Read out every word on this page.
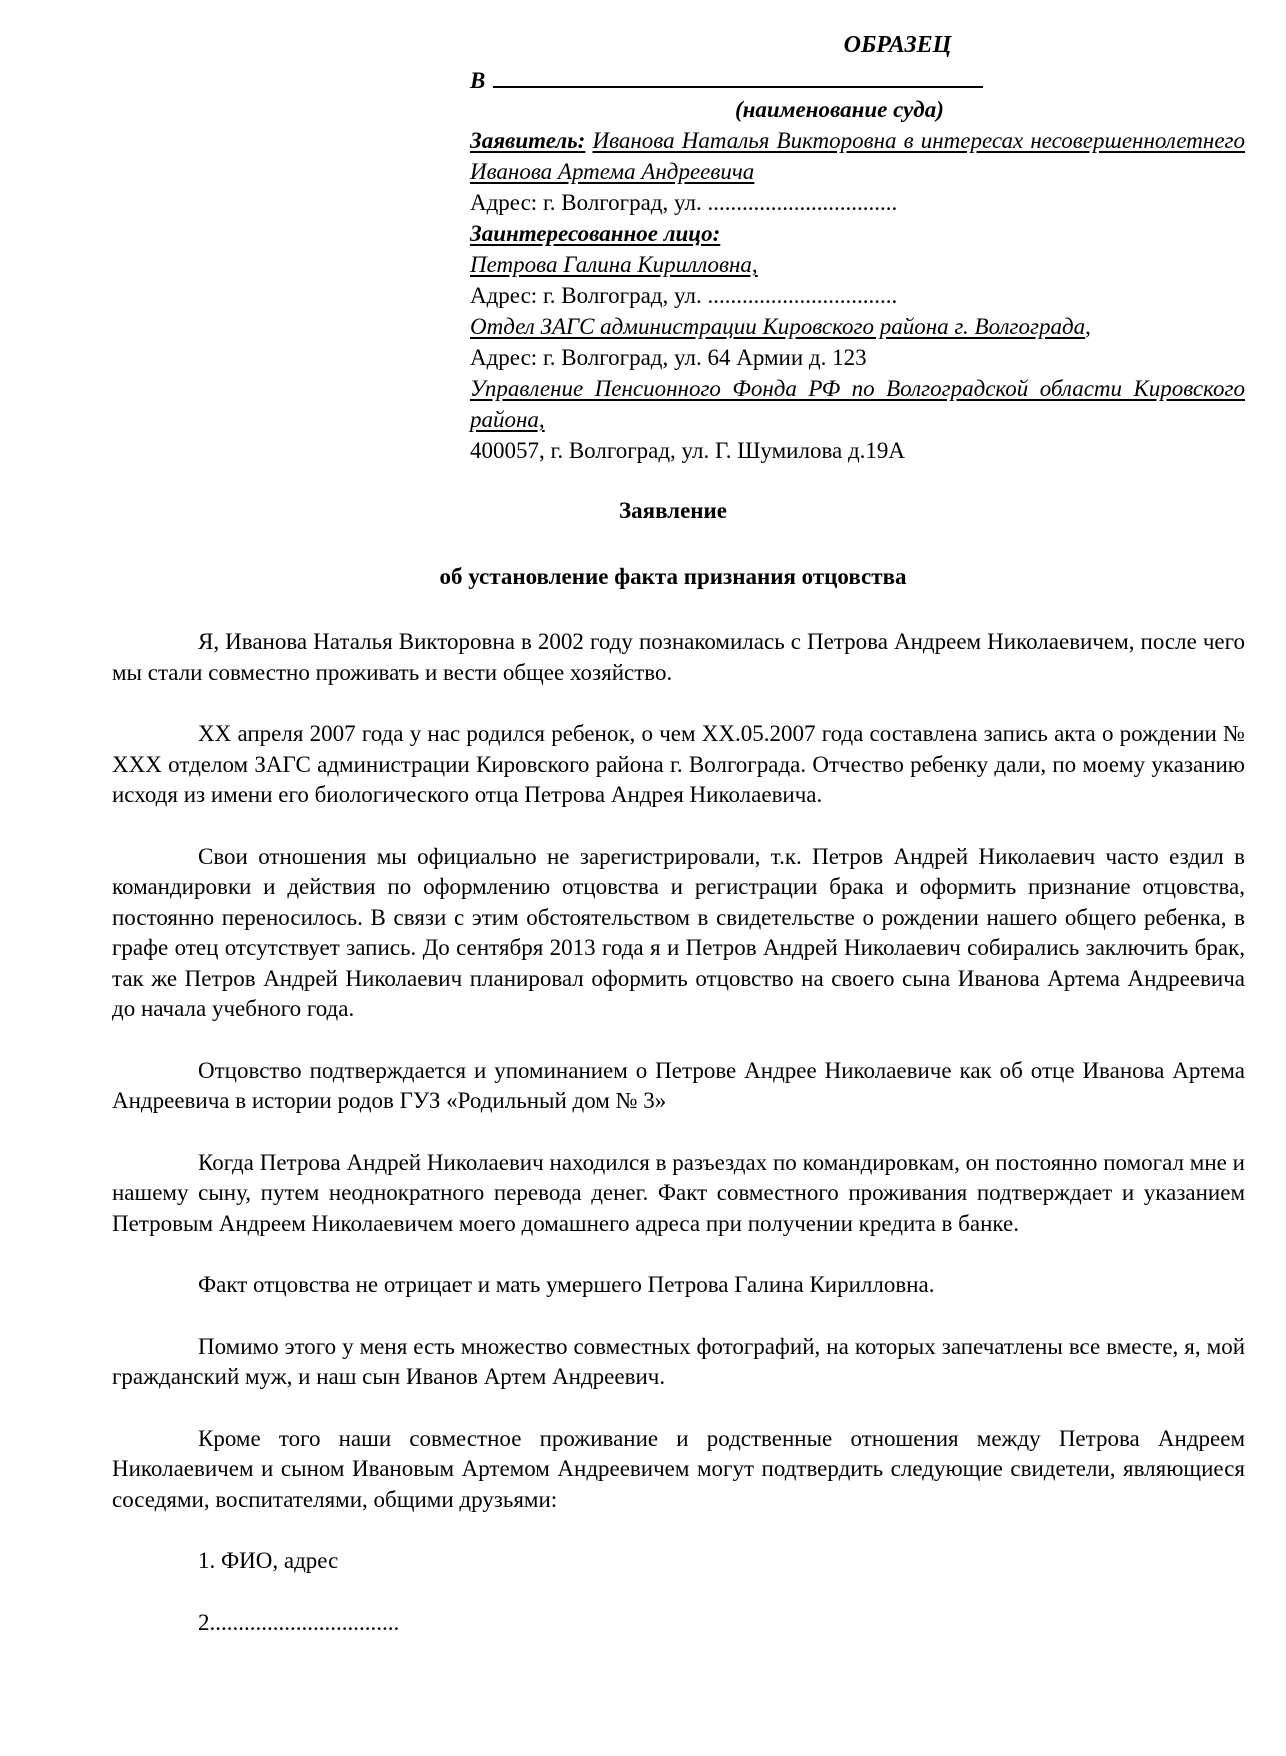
ОБРАЗЕЦ
В
(наименование суда)
Заявитель: Иванова Наталья Викторовна в интересах несовершеннолетнего Иванова Артема Андреевича
Адрес: г. Волгоград, ул. .................................
Заинтересованное лицо:
Петрова Галина Кирилловна,
Адрес: г. Волгоград, ул. .................................
Отдел ЗАГС администрации Кировского района г. Волгограда,
Адрес: г. Волгоград, ул. 64 Армии д. 123
Управление Пенсионного Фонда РФ по Волгоградской области Кировского района,
400057, г. Волгоград, ул. Г. Шумилова д.19А
Заявление
об установление факта признания отцовства

Я, Иванова Наталья Викторовна в 2002 году познакомилась с Петрова Андреем Николаевичем, после чего мы стали совместно проживать и вести общее хозяйство.

XX апреля 2007 года у нас родился ребенок, о чем XX.05.2007 года составлена запись акта о рождении № XXX отделом ЗАГС администрации Кировского района г. Волгограда. Отчество ребенку дали, по моему указанию исходя из имени его биологического отца Петрова Андрея Николаевича.

Свои отношения мы официально не зарегистрировали, т.к. Петров Андрей Николаевич часто ездил в командировки и действия по оформлению отцовства и регистрации брака и оформить признание отцовства, постоянно переносилось. В связи с этим обстоятельством в свидетельстве о рождении нашего общего ребенка, в графе отец отсутствует запись. До сентября 2013 года я и Петров Андрей Николаевич собирались заключить брак, так же Петров Андрей Николаевич планировал оформить отцовство на своего сына Иванова Артема Андреевича до начала учебного года.

Отцовство подтверждается и упоминанием о Петрове Андрее Николаевиче как об отце Иванова Артема Андреевича в истории родов ГУЗ «Родильный дом № 3»

Когда Петрова Андрей Николаевич находился в разъездах по командировкам, он постоянно помогал мне и нашему сыну, путем неоднократного перевода денег. Факт совместного проживания подтверждает и указанием Петровым Андреем Николаевичем моего домашнего адреса при получении кредита в банке.

Факт отцовства не отрицает и мать умершего Петрова Галина Кирилловна.

Помимо этого у меня есть множество совместных фотографий, на которых запечатлены все вместе, я, мой гражданский муж, и наш сын Иванов Артем Андреевич.

Кроме того наши совместное проживание и родственные отношения между Петрова Андреем Николаевичем и сыном Ивановым Артемом Андреевичем могут подтвердить следующие свидетели, являющиеся соседями, воспитателями, общими друзьями:

1. ФИО, адрес
2.................................
